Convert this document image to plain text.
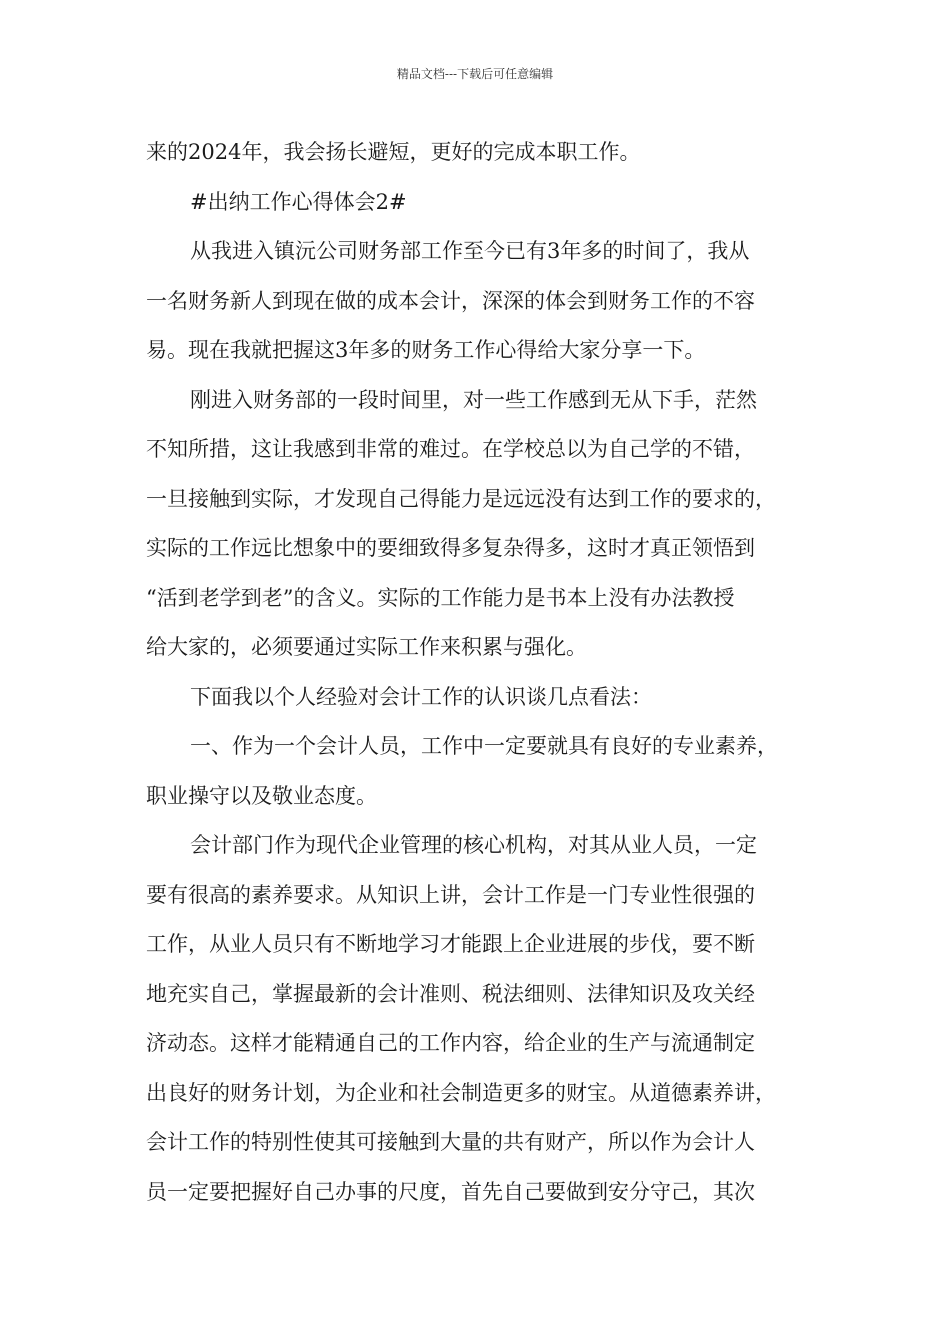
精品文档---下载后可任意编辑
来的2024年，我会扬长避短，更好的完成本职工作。
#出纳工作心得体会2#
从我进入镇沅公司财务部工作至今已有3年多的时间了，我从
一名财务新人到现在做的成本会计，深深的体会到财务工作的不容
易。现在我就把握这3年多的财务工作心得给大家分享一下。
刚进入财务部的一段时间里，对一些工作感到无从下手，茫然
不知所措，这让我感到非常的难过。在学校总以为自己学的不错，
一旦接触到实际，才发现自己得能力是远远没有达到工作的要求的，
实际的工作远比想象中的要细致得多复杂得多，这时才真正领悟到
“活到老学到老”的含义。实际的工作能力是书本上没有办法教授
给大家的，必须要通过实际工作来积累与强化。
下面我以个人经验对会计工作的认识谈几点看法：
一、作为一个会计人员，工作中一定要就具有良好的专业素养，
职业操守以及敬业态度。
会计部门作为现代企业管理的核心机构，对其从业人员，一定
要有很高的素养要求。从知识上讲，会计工作是一门专业性很强的
工作，从业人员只有不断地学习才能跟上企业进展的步伐，要不断
地充实自己，掌握最新的会计准则、税法细则、法律知识及攻关经
济动态。这样才能精通自己的工作内容，给企业的生产与流通制定
出良好的财务计划，为企业和社会制造更多的财宝。从道德素养讲，
会计工作的特别性使其可接触到大量的共有财产，所以作为会计人
员一定要把握好自己办事的尺度，首先自己要做到安分守己，其次
